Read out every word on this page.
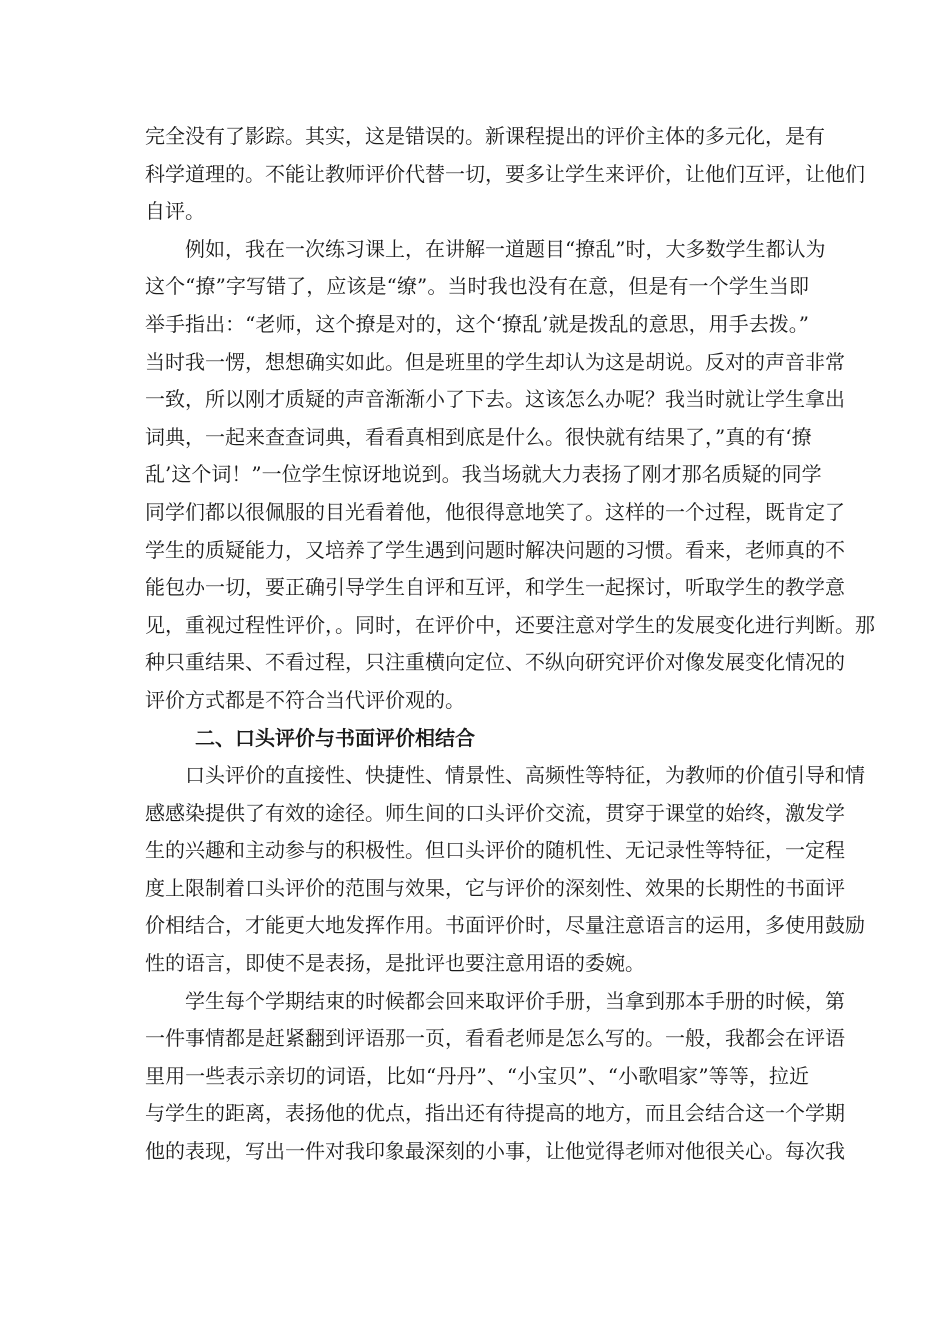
完全没有了影踪。其实，这是错误的。新课程提出的评价主体的多元化，是有
科学道理的。不能让教师评价代替一切，要多让学生来评价，让他们互评，让他们
自评。
例如，我在一次练习课上，在讲解一道题目“撩乱”时，大多数学生都认为
这个“撩”字写错了，应该是“缭”。当时我也没有在意，但是有一个学生当即
举手指出：“老师，这个撩是对的，这个‘撩乱’就是拨乱的意思，用手去拨。”
当时我一愣，想想确实如此。但是班里的学生却认为这是胡说。反对的声音非常
一致，所以刚才质疑的声音渐渐小了下去。这该怎么办呢？我当时就让学生拿出
词典，一起来查查词典，看看真相到底是什么。很快就有结果了，”真的有‘撩
乱’这个词！”一位学生惊讶地说到。我当场就大力表扬了刚才那名质疑的同学
同学们都以很佩服的目光看着他，他很得意地笑了。这样的一个过程，既肯定了
学生的质疑能力，又培养了学生遇到问题时解决问题的习惯。看来，老师真的不
能包办一切，要正确引导学生自评和互评，和学生一起探讨，听取学生的教学意
见，重视过程性评价，。同时，在评价中，还要注意对学生的发展变化进行判断。那
种只重结果、不看过程，只注重横向定位、不纵向研究评价对像发展变化情况的
评价方式都是不符合当代评价观的。
二、口头评价与书面评价相结合
口头评价的直接性、快捷性、情景性、高频性等特征，为教师的价值引导和情
感感染提供了有效的途径。师生间的口头评价交流，贯穿于课堂的始终，激发学
生的兴趣和主动参与的积极性。但口头评价的随机性、无记录性等特征，一定程
度上限制着口头评价的范围与效果，它与评价的深刻性、效果的长期性的书面评
价相结合，才能更大地发挥作用。书面评价时，尽量注意语言的运用，多使用鼓励
性的语言，即使不是表扬，是批评也要注意用语的委婉。
学生每个学期结束的时候都会回来取评价手册，当拿到那本手册的时候，第
一件事情都是赶紧翻到评语那一页，看看老师是怎么写的。一般，我都会在评语
里用一些表示亲切的词语，比如“丹丹”、“小宝贝”、“小歌唱家”等等，拉近
与学生的距离，表扬他的优点，指出还有待提高的地方，而且会结合这一个学期
他的表现，写出一件对我印象最深刻的小事，让他觉得老师对他很关心。每次我
